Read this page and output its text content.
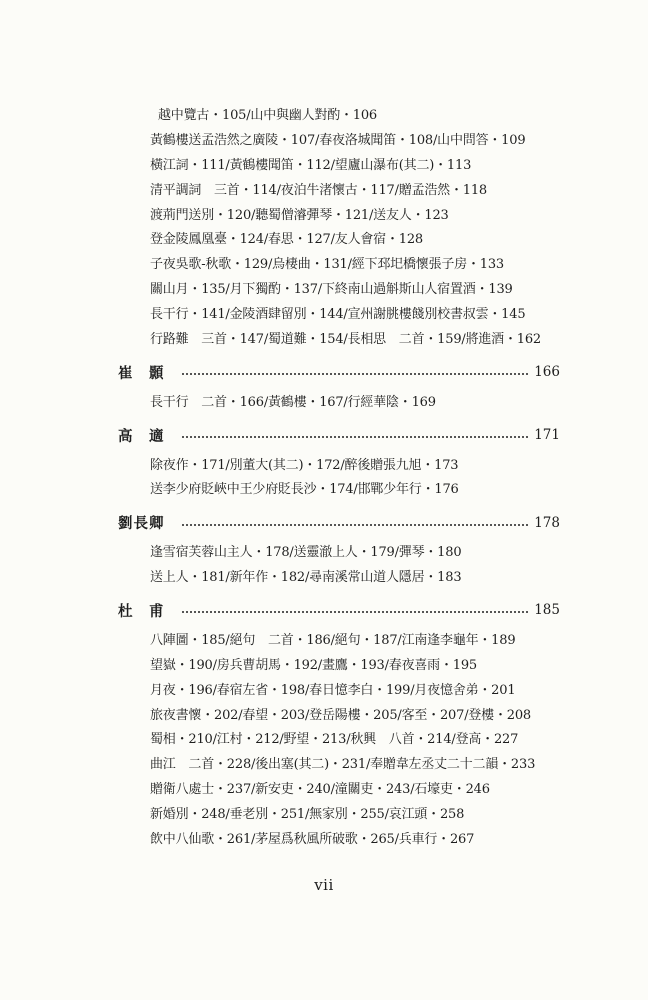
越中覽古・105/山中與幽人對酌・106
黃鶴樓送孟浩然之廣陵・107/春夜洛城聞笛・108/山中問答・109
橫江詞・111/黃鶴樓聞笛・112/望廬山瀑布(其二)・113
清平調詞　三首・114/夜泊牛渚懷古・117/贈孟浩然・118
渡荊門送別・120/聽蜀僧濬彈琴・121/送友人・123
登金陵鳳凰臺・124/春思・127/友人會宿・128
子夜吳歌-秋歌・129/烏棲曲・131/經下邳圯橋懷張子房・133
關山月・135/月下獨酌・137/下終南山過斛斯山人宿置酒・139
長干行・141/金陵酒肆留別・144/宣州謝朓樓餞別校書叔雲・145
行路難　三首・147/蜀道難・154/長相思　二首・159/將進酒・162
崔　顥	166
長干行　二首・166/黃鶴樓・167/行經華陰・169
高　適	171
除夜作・171/別董大(其二)・172/醉後贈張九旭・173
送李少府貶峽中王少府貶長沙・174/邯鄲少年行・176
劉長卿	178
逢雪宿芙蓉山主人・178/送靈澈上人・179/彈琴・180
送上人・181/新年作・182/尋南溪常山道人隱居・183
杜　甫	185
八陣圖・185/絕句　二首・186/絕句・187/江南逢李龜年・189
望嶽・190/房兵曹胡馬・192/畫鷹・193/春夜喜雨・195
月夜・196/春宿左省・198/春日憶李白・199/月夜憶舍弟・201
旅夜書懷・202/春望・203/登岳陽樓・205/客至・207/登樓・208
蜀相・210/江村・212/野望・213/秋興　八首・214/登高・227
曲江　二首・228/後出塞(其二)・231/奉贈韋左丞丈二十二韻・233
贈衛八處士・237/新安吏・240/潼關吏・243/石壕吏・246
新婚別・248/垂老別・251/無家別・255/哀江頭・258
飲中八仙歌・261/茅屋爲秋風所破歌・265/兵車行・267
vii
